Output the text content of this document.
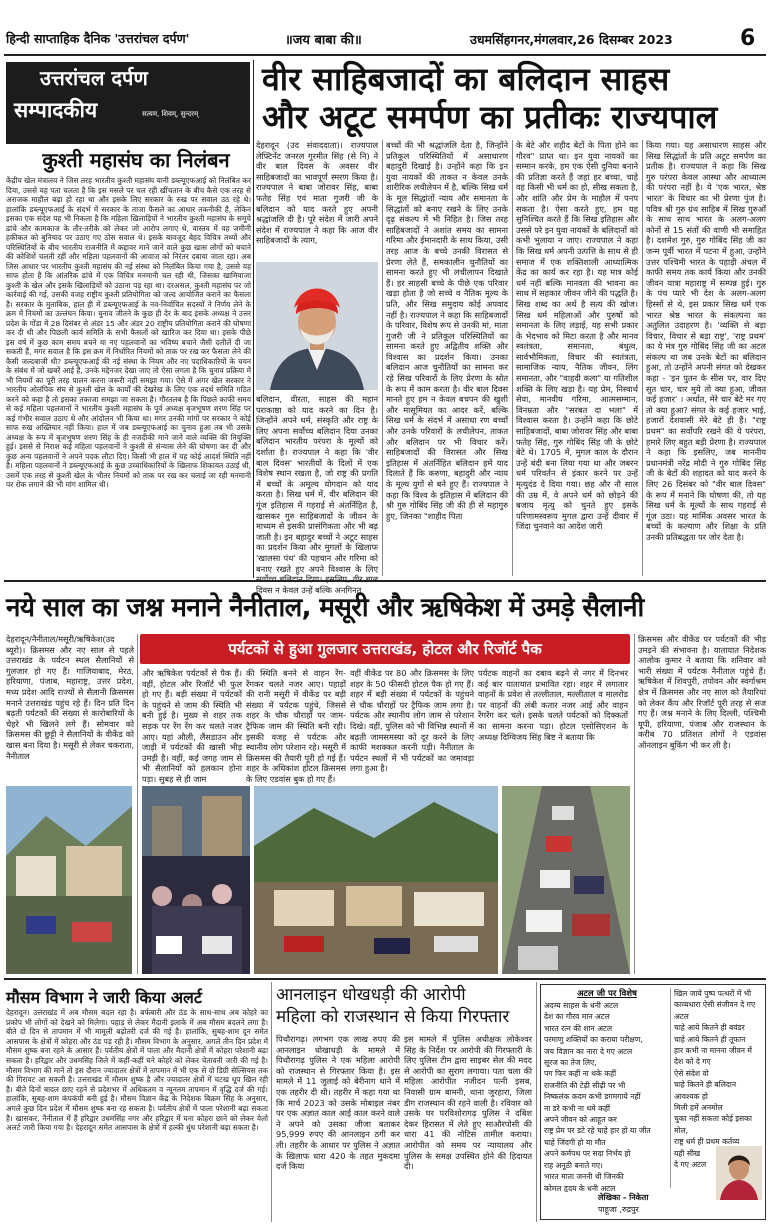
हिन्दी साप्ताहिक दैनिक 'उत्तरांचल दर्पण'	॥जय बाबा की॥	उधमसिंहगनर,मंगलवार,26 दिसम्बर 2023	6
उत्तरांचल दर्पण
सम्पादकीय	सत्यम, शिवम्, सुन्दरम्
कुश्ती महासंघ का निलंबन
केंद्रीय खेल मंत्रालय ने जिस तरह भारतीय कुश्ती महासंघ यानी डब्ल्यूएफआई को निलंबित कर दिया, उससे यह पता चलता है कि इस मसले पर चल रही खींचतान के बीच कैसे एक तरह से अराजक माहौल बढ़ा हो रहा था और इसके लिए सरकार के रुख पर सवाल उठ रहे थे। हालांकि डब्ल्यूएफआई के संदर्भ में सरकार के ताजा फैसले का आधार तकनीकी है, लेकिन इसका एक संदेश यह भी निकला है कि महिला खिलाड़ियों ने भारतीय कुश्ती महासंघ के समूचे ढांचे और कामकाज के तौर-तरीके को लेकर जो आरोप लगाए थे, वास्तव में वह जमीनी हकीकत को बुनियाद पर उठाए गए ठोस सवाल थे। इसके बावजूद बेहद विचित्र तथ्यों और परिस्थितियों के बीच भारतीय राजनीति में कद्दावर माने जाने वाले कुछ खास लोगों को बचाने की कोशिशें चलती रहीं और महिला पहलवानों की आवाज को निरंतर दबाया जाता रहा। अब जिस आधार पर भारतीय कुश्ती महासंघ की नई संस्था को निलंबित किया गया है, उससे यह साफ होता है कि आंतरिक ढांचे में एक विचित्र मनमानी चल रही थी, जिसका खामियाजा कुश्ती के खेल और इसके खिलाड़ियों को उठाना पड़ रहा था। दरअसल, कुश्ती महासंघ पर जो कार्रवाई की गई, उसकी वजह राष्ट्रीय कुश्ती प्रतियोगिता को जल्द आयोजित कराने का फैसला है। सरकार के मुताबिक, हाल ही में डब्ल्यूएफआई के नव-निर्वाचित सदस्यों ने निर्णय लेने के क्रम में नियमों का उल्लंघन किया। चुनाव जीतने के कुछ ही देर के बाद इसके अध्यक्ष ने उत्तर प्रदेश के गोंडा में 28 दिसंबर से अंडर 15 और अंडर 20 राष्ट्रीय प्रतियोगिता कराने की घोषणा कर दी थी और पिछली कार्य समिति के सभी फैसलों को खारिज कर दिया था। इसके पीछे इस वर्ष में कुछ काम समय बचने या नए पहलवानों का भविष्य बचाने जैसी दलीलें दी जा सकती हैं, मगर सवाल है कि इस क्रम में निर्धारित नियमों को ताक पर रख कर फैसला लेने की कैसी जल्दबाजी थी? डब्ल्यूएफआई की नई संस्था के नियम और नए पदाधिकारियों के चयन के संबंध में जो खबरें आई हैं, उनके मद्देनजर देखा जाए तो ऐसा लगता है कि चुनाव प्रक्रिया में भी नियमों का पूरी तरह पालन करना जरूरी नहीं समझा गया। ऐसे में अगर खेल सरकार ने भारतीय ओलंपिक संघ से कुश्ती खेल के कार्यों की देखरेख के लिए एक तदर्थ समिति गठित करने को कहा है तो इसका तकाजा समझा जा सकता है। गौरतलब है कि पिछले काफी समय से कई महिला पहलवानों ने भारतीय कुश्ती महासंघ के पूर्व अध्यक्ष बृजभूषण शरण सिंह पर कई गंभीर सवाल उठाए थे और आंदोलन भी किया था। मगर उनकी मांगों पर सरकार ने कोई साफ रुख अख्तियार नहीं किया। हाल में जब डब्ल्यूएफआई का चुनाव हुआ तब भी उसके अध्यक्ष के रूप में बृजभूषण शरण सिंह के ही नजदीकी माने जाने वाले व्यक्ति की नियुक्ति हुई। इससे से निराश कई महिला पहलवानों ने कुश्ती से संन्यास लेने की घोषणा कर दी और कुछ अन्य पहलवानों ने अपने पदक लौटा दिए। किसी भी हाल में यह कोई आदर्श स्थिति नहीं है। महिला पहलवानों ने डब्ल्यूएफआई के कुछ उच्चाधिकारियों के खिलाफ शिकायत उठाई थी, उसमें एक तरह से कुश्ती खेल के भीतर नियमों को ताक पर रख कर चलाई जा रही मनमानी पर रोक लगाने की भी मांग शामिल थी।
वीर साहिबजादों का बलिदान साहस
और अटूट समर्पण का प्रतीकः राज्यपाल
देहरादून (उद संवाददाता)। राज्यपाल लेफ्टिनेंट जनरल गुरमीत सिंह (से नि) ने वीर बाल दिवस के अवसर वीर साहिबजादों का भावपूर्ण स्मरण किया है। राज्यपाल ने बाबा जोरावर सिंह, बाबा फतेह सिंह एवं माता गुजरी जी के बलिदान को याद करते हुए अपनी श्रद्धांजलि दी है। पूरे संदेश में जारी अपने संदेश में राज्यपाल ने कहा कि आज वीर साहिबजादों के त्याग,
बलिदान, वीरता, साहस की महान पराकाष्ठा को याद करने का दिन है। जिन्होंने अपने धर्म, संस्कृति और राष्ट्र के लिए अपना सर्वोच्च बलिदान दिया उनका बलिदान भारतीय परंपरा के मूल्यों को दर्शाता है। राज्यपाल ने कहा कि 'वीर बाल दिवस' भारतीयों के दिलों में एक विशेष स्थान रखता है, जो राष्ट्र की प्रगति में बच्चों के अमूल्य योगदान को याद करता है। सिख धर्म में, वीर बलिदान की गूंज इतिहास में गहराई से अंतर्निहित है, खासकर गुरु साहिबजादों के जीवन के माध्यम से इसकी प्रासंगिकता और भी बढ़ जाती है। इन बहादुर बच्चों ने अटूट साहस का प्रदर्शन किया और मुगलों के खिलाफ 'खालसा पंथ' की पहचान और गरिमा को बनाए रखते हुए अपने विश्वास के लिए दिवस न केवल उन्हें बल्कि अनगिनत
बच्चों की भी श्रद्धांजलि देता है, जिन्होंने प्रतिकूल परिस्थितियों में असाधारण बहादुरी दिखाई है। उन्होंने कहा कि इन युवा नायकों की ताकत न केवल उनके शारीरिक लचीलेपन में है, बल्कि सिख धर्म के मूल सिद्धांतों न्याय और समानता के सिद्धांतों को बनाए रखने के लिए उनके दृढ़ संकल्प में भी निहित है। जिस तरह साहिबजादों ने अशांत समय का सामना गरिमा और ईमानदारी के साथ किया, उसी तरह आज के बच्चे उनकी विरासत से प्रेरणा लेते हैं, समकालीन चुनौतियों का सामना करते हुए भी लचीलापन दिखाते हैं। हर साहसी बच्चे के पीछे एक परिवार खड़ा होता है जो सच्चे व नैतिक मूल्य के प्रति, और सिख समुदाय कोई अपवाद नहीं है। राज्यपाल ने कहा कि साहिबजादों के परिवार, विशेष रूप से उनकी मां, माता गुजरी जी ने प्रतिकूल परिस्थितियों का सामना करते हुए अद्वितीय शक्ति और विश्वास का प्रदर्शन किया। उनका बलिदान आज चुनौतियों का सामना कर रहे सिख परिवारों के लिए प्रेरणा के स्रोत के रूप में काम करता है। वीर बाल दिवस मानते हुए हम न केवल बचपन की खुशी और मासूमियत का आदर करें, बल्कि सिख धर्म के संदर्भ में असाधा रण बच्चों और उनके परिवारों के लचीलेपन, ताकत और बलिदान पर भी विचार करें। साहिबजादों की विरासत और सिख इतिहास में अंतर्निहित बलिदान हमें याद दिलाते हैं कि करुणा, बहादुरी और न्याय के मूल्य युगों से बने हुए हैं। राज्यपाल ने कहा कि विश्व के इतिहास में बलिदान की श्री गुरु गोबिंद सिंह जी की ही से महागुरु हुए, जिनका "शाहीद पिता
के बेटे और शहीद बेटों के पिता होने का गौरव" प्राप्त था। इन युवा नायकों का सम्मान करके, हम एक ऐसी दुनिया बनाने की प्रतिज्ञा करते हैं जहां हर बच्चा, चाहे वह किसी भी धर्म का हो, सीख सकता है, और शांति और प्रेम के माहौल में पनप सकता है। ऐसा करते हुए, हम यह सुनिश्चित करते हैं कि सिख इतिहास और उससे परे इन युवा नायकों के बलिदानों को कभी भुलाया न जाए। राज्यपाल ने कहा कि सिख धर्म अपनी उत्पत्ति के साथ से ही समाज में एक शक्तिशाली आध्यात्मिक केंद्र का कार्य कर रहा है। यह मात्र कोई धर्म नहीं बल्कि मानवता की भावना का साथ में सहकार जीवन जीने की पद्धति है। सिख शब्द का अर्थ है सत्य की खोज। सिख धर्म महिलाओं और पुरुषों को समानता के लिए लड़ाई, यह सभी प्रकार के भेदभाव को मिटा करता है और मानव स्वतंत्रता, समानता, बंधुत्व, सार्वभौमिकता, विचार की स्वतंत्रता, सामाजिक न्याय, नैतिक जीवन, लिंग समानता, और "वाहदी कला" या गतिशील शक्ति के लिए खड़ा है। यह प्रेम, निस्वार्थ सेवा, मानवीय गरिमा, आत्मसम्मान, विनम्रता और "सरबत दा भला" में विश्वास करता है। उन्होंने कहा कि छोटे साहिबजादों, बाबा जोरावर सिंह और बाबा फतेह सिंह, गुरु गोबिंद सिंह जी के छोटे बेटे थे। 1705 में, मुगल काल के दौरान उन्हें बंदी बना लिया गया था और जबरन धर्म परिवर्तन से इंकार करने पर उन्हें मृत्युदंड दे दिया गया। छह और नौ साल की उम्र में, वे अपने धर्म को छोड़ने की बजाय मृत्यु को चुनते हुए इसके परिणामस्वरूप मुगल द्वारा उन्हें दीवार में जिंदा चुनवाने का आदेश जारी
किया गया। यह असाधारण साहस और सिख सिद्धांतों के प्रति अटूट समर्पण का प्रतीक है। राज्यपाल ने कहा कि सिख गुरु परंपरा केवल आस्था और आध्यात्म की परंपरा नहीं है। ये 'एक भारत, श्रेष्ठ भारत' के विचार का भी प्रेरणा पुंज है। पवित्र श्री गुरु ग्रंथ साहिब में सिख गुरुओं के साथ साथ भारत के अलग-अलग कोनों से 15 संतों की वाणी भी समाहित है। दशमेश गुरु, गुरु गोबिंद सिंह जी का जन्म पूर्वी भारत में पटना में हुआ, उन्होंने उत्तर पश्चिमी भारत के पहाड़ी अंचल में काफी समय तक कार्य किया और उनकी जीवन यात्रा महाराष्ट्र में सम्पन्न हुई। गुरु के पंच प्यारे भी देश के अलग-अलग हिस्सों से थे, इस प्रकार सिख धर्म एक भारत श्रेष्ठ भारत के संकल्पना का अतुलित उदाहरण है। 'व्यक्ति से बड़ा विचार, विचार से बड़ा राष्ट्र', 'राष्ट्र प्रथम' का ये मंत्र गुरु गोबिंद सिंह जी का अटल संकल्प था जब उनके बेटों का बलिदान हुआ, तो उन्होंने अपनी संगत को देखकर कहा - 'इन पुतन के सीस पर, वार दिए सुत चार, चार मुये तो क्या हुआ, जीवत कई हजार' । अर्थात, मेरे चार बेटे मर गए तो क्या हुआ? संगत के कई हजार भाई, हजारों देशवासी मेरे बेटे ही हैं। "राष्ट्र प्रथम" का सर्वोपरि रखने की ये परंपरा, हमारे लिए बहुत बड़ी प्रेरणा है। राज्यपाल ने कहा कि इसलिए, जब माननीय प्रधानमंत्री नरेंद्र मोदी ने गुरु गोबिंद सिंह जी के बेटों की शहादत को याद करने के लिए 26 दिसंबर को "वीर बाल दिवस" के रूप में मनाने कि घोषणा की, तो यह सिख धर्म के मूल्यों के साथ गहराई से गूंज उठा। यह मार्मिक अवसर भारत के बच्चों के कल्याण और शिक्षा के प्रति उनकी प्रतिबद्धता पर जोर देता है।
नये साल का जश्न मनाने नैनीताल, मसूरी और ऋषिकेश में उमड़े सैलानी
पर्यटकों से हुआ गुलजार उत्तराखंड, होटल और रिजॉर्ट पैक
देहरादून/नैनीताल/मसूरी/ऋषिकेश(उद ब्यूरो)। क्रिसमस और नए साल से पहले उत्तराखंड के पर्यटन स्थल सैलानियों से गुलजार हो गए हैं। गाजियाबाद, मेरठ, हरियाणा, पंजाब, महाराष्ट्र, उत्तर प्रदेश, मध्य प्रदेश आदि राज्यों से सैलानी क्रिसमस मनाने उत्तराखंड पहुंच रहे हैं। दिन प्रति दिन बढ़ती पर्यटकों की संख्या से कारोबारियों के चेहरे भी खिलने लगे हैं। सोमवार को क्रिसमस की छुट्टी ने सैलानियों के वीकेंड को खास बना दिया है। मसूरी से लेकर चकराता, नैनीताल
और ऋषिकेश पर्यटकों से पैक हैं। वहीं, होटल और रिजॉर्ट भी फुल हो गए हैं। बड़ी संख्या में पर्यटकों के पहुंचने से जाम की स्थिति भी बनी हुई है। मुख्य से शहर तक सड़क पर रेंग रेंग कर चलते नजर आए। यहां औली, लैंसडाउन और जाड़ी में पर्यटकों की खासी भीड़ उमड़ी है। वहीं, कई जगह जाम से भी सैलानियों को हलकान होना पड़ा। सुबह से ही जाम
की स्थिति बनने से वाहन रेंग-रेंगकर चलते नजर आए। पहाड़ों की रानी मसूरी में वीकेंड पर बड़ी संख्या में पर्यटक पहुंचे, जिससे शहर के चौक चौराहों पर जाम-ट्रैफिक जाम की स्थिति बनी रही। इसकी वजह से पर्यटक और स्थानीय लोग परेशान रहे। मसूरी में क्रिसमस की तैयारी पूरी हो गई हैं। शहर के अधिकांश होटल क्रिसमस के लिए एडवांस बुक हो गए हैं।
वहीं वीकेंड पर 80 और क्रिसमस के लिए शहर के 50 फीसदी होटल पैक हो गए हैं। शहर में बड़ी संख्या में पर्यटकों के पहुंचने से चौक चौराहों पर ट्रैफिक जाम लगा है। पर्यटक और स्थानीय लोग जाम से परेशान दिखे। वहीं, पुलिस को भी विभिन्न स्थानों में बढ़ती जामसमस्या को दूर करने के लिए काफी मशक्कत करनी पड़ी। नैनीताल के पर्यटन स्थलों में भी पर्यटकों का जमावड़ा लगा हुआ है।
पर्यटक वाहनों का दबाव बढ़ने से नगर में दिनभर कई बार यातायात प्रभावित रहा। शहर में लगातार वाहनों के प्रवेश से तल्लीताल, मल्लीताल व मालरोड पर वाहनों की लंबी कतार नजर आई और वाहन रेंगरेंग कर चले। इसके चलते पर्यटकों को दिक्कतों का सामना करना पड़ा। होटल एसोसिएशन के अध्यक्ष दिग्विजय सिंह बिष्ट ने बताया कि
क्रिसमस और वीकेंड पर पर्यटकों की भीड़ उमड़ने की संभावना है। यातायात निदेशक आलोक कुमार ने बताया कि शनिवार को भारी संख्या में पर्यटक नैनीताल पहुंचे हैं। ऋषिकेश में शिवपुरी, तपोवन और स्वर्गाश्रम क्षेत्र में क्रिसमस और नए साल को तैयारियां को लेकर कैंप और रिजॉर्ट पूरी तरह से सज गए हैं। जश्न मनाने के लिए दिल्ली, पश्चिमी यूपी, हरियाणा, पंजाब और राजस्थान के करीब 70 प्रतिशत लोगों ने एडवांस ऑनलाइन बुकिंग भी कर ली है।
मौसम विभाग ने जारी किया अलर्ट
देहरादून। उत्तराखंड में अब मौसम बदल रहा है। बर्फबारी और ठंड के साथ-साथ अब कोहरे का प्रकोप भी लोगों को देखने को मिलेगा। पहाड़ से लेकर मैदानी इलाके में अब मौसम बदलने लगा है। बीते दो दिन से तापमान में भी मामूली बढ़ोतरी दर्ज की गई है। हालांकि, सुबह-शाम दून समेत आसपास के क्षेत्रों में कोहरा और ठंड पड़ रही है। मौसम विभाग के अनुसार, अगले तीन दिन प्रदेश में मौसम शुष्क बना रहने के आसार हैं। पर्वतीय क्षेत्रों में पाला और मैदानी क्षेत्रों में कोहरा परेशानी बढ़ा सकता है। हरिद्वार और उधमसिंह जिले में कहीं-कहीं घने कोहरे को लेकर चेतावनी जारी की गई है। मौसम विभाग की मानें तो इस दौरान ज्यादातर क्षेत्रों में तापमान में भी एक से दो डिग्री सेल्सियस तक की गिरावट आ सकती है। उत्तराखंड में मौसम शुष्क है और ज्यादातर क्षेत्रों में चटख धूप खिल रही है। बीते दिनों बादल छाए रहने से प्रदेशभर में अधिकतम व न्यूनतम तापमान में वृद्धि दर्ज की गई। हालांकि, सुबह-शाम कंपकंपी बनी हुई है। मौसम विज्ञान केंद्र के निदेशक बिक्रम सिंह के अनुसार, अगले कुछ दिन प्रदेश में मौसम शुष्क बना रह सकता है। पर्वतीय क्षेत्रों में पाला परेशानी बढ़ा सकता है। खासकर, नैनीताल में हैं हरिद्वार उधमसिंह नगर और हरिद्वार में घना कोहरा छाने को लेकर येलो अलर्ट जारी किया गया है। देहरादून समेत आसपास के क्षेत्रों में हल्की धुंध परेशानी बढ़ा सकता है।
आनलाइन धोखधड़ी की आरोपी
महिला को राजस्थान से किया गिरफ्तार
पिथौरागढ़। लगभग एक लाख रुपए की आनलाइन धोखाधड़ी के मामले में पिथौरागढ़ पुलिस ने एक महिला आरोपी को राजस्थान से गिरफ्तार किया है। इस मामले में 11 जुलाई को बेरीनाग थाने में एक तहरीर दी थी। तहरीर में कहा गया था कि मार्च 2023 को उसके मोबाइल नंबर पर एक अज्ञात काल आई काल करने वाले ने अपने को उसका जीजा बताकर 95,999 रुपए की आनलाइन ठगी कर ली। तहरीर के आधार पर पुलिस ने अज्ञात के खिलाफ धारा 420 के तहत मुकदमा दर्ज किया
इस मामले में पुलिस अधीक्षक लोकेश्वर सिंह के निर्देश पर आरोपी की गिरफ्तारी के लिए पुलिस टीम द्वारा साइबर सेल की मदद से आरोपी का सुराग लगाया। पता चला की महिला आरोपीत नजीदन पत्नी इसब, निवासी ग्राम बामनी, थाना जुरहारा, जिला डीग राजस्थान की रहने वाली है। रविवार को उसके घर परविशोरागढ़ पुलिस ने दबिश देकर हिरासत में लेते हुए साऔरपोसी की धारा 41 की नोटिस तामील कराया। आरोपीत को समय पर न्यायालय और पुलिस के समक्ष उपस्थित होने की हिदायत दी।
अटल जी पर विशेष
अदम्य साहस के धनी अटल
देश का गौरव मान अटल
भारत रत्न की शान अटल
परमाणु शक्तियों का कराया परीक्षण,
जय विज्ञान का नारा दे गए अटल
सूरज का तेज लिए,
पग फिर कहीं ना थके कहीं
राजनीति की टेढ़ी सीढ़ी पर भी
निष्कलंक कदम कभी डगमगाये नहीं
ना डरे कभी ना थमे कहीं
अपने जीवन को आहूत कर
राष्ट्र प्रेम पर डटे रहे चाहे हार हो या जीत
चाहे जिंदगी हो या मौत
अपने कर्मपथ पर सदा निर्भय हो
राह अनूठी बनाते गए।
भारत माता जननी थी जिनकी
कोमल हृदय के धनी अटल
खिल जाये पुष्प पत्थरों में भी
काव्यधारा ऐसी संजीवन दे गए अटल
चाहे आये कितने ही बवंडर
चाहे आये कितने ही तूफान
हार कभी ना मानना जीवन में
देश को दे गए
ऐसे संदेश वो
चाहे कितने ही बलिदान
आवश्यक हो
मिली हमें अनमोल
चुका नहीं सकता कोई इसका मोल,
राष्ट्र धर्म ही प्रथम कर्तव्य
यही सीख
दे गए अटल
लेखिका - निकेता
पाहूजा ,रुद्रपुर
